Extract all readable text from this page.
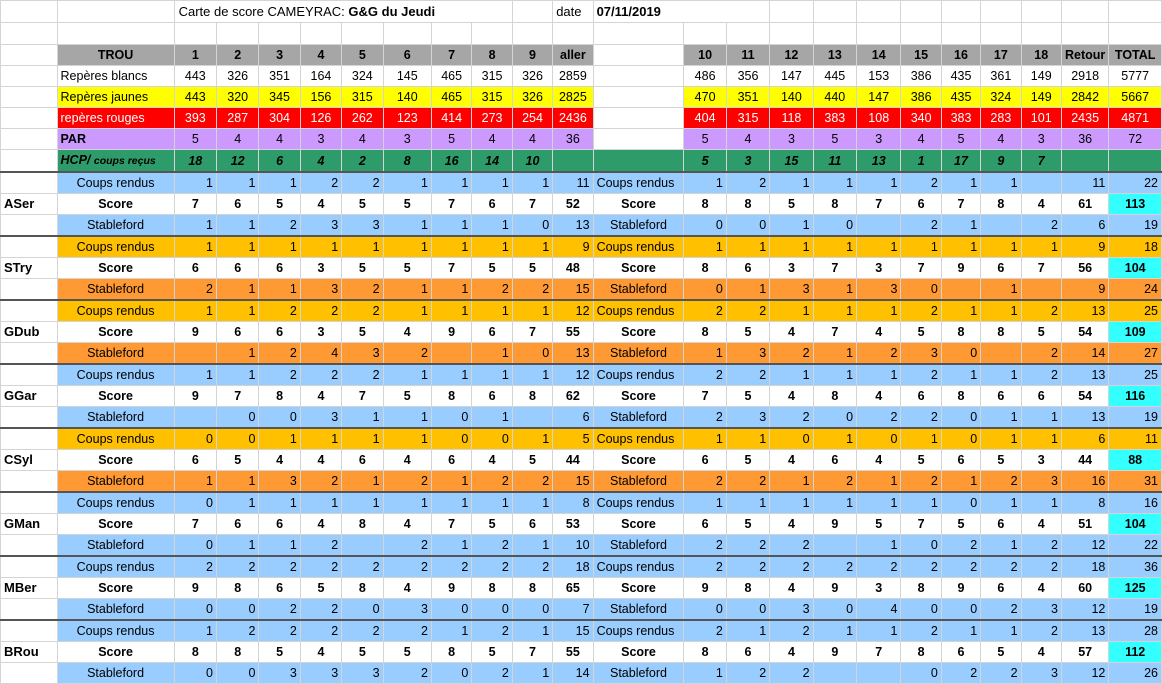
		Carte de score CAMEYRAC: G&G du Jeudi									date	07/11/2019											

	TROU	1	2	3	4	5	6	7	8	9	aller		10	11	12	13	14	15	16	17	18	Retour	TOTAL
	Repères blancs	443	326	351	164	324	145	465	315	326	2859		486	356	147	445	153	386	435	361	149	2918	5777
	Repères jaunes	443	320	345	156	315	140	465	315	326	2825		470	351	140	440	147	386	435	324	149	2842	5667
	repères rouges	393	287	304	126	262	123	414	273	254	2436		404	315	118	383	108	340	383	283	101	2435	4871
	PAR	5	4	4	3	4	3	5	4	4	36		5	4	3	5	3	4	5	4	3	36	72
	HCP/ coups reçus	18	12	6	4	2	8	16	14	10			5	3	15	11	13	1	17	9	7		
	Coups rendus	1	1	1	2	2	1	1	1	1	11	Coups rendus	1	2	1	1	1	2	1	1		11	22
ASer	Score	7	6	5	4	5	5	7	6	7	52	Score	8	8	5	8	7	6	7	8	4	61	113
	Stableford	1	1	2	3	3	1	1	1	0	13	Stableford	0	0	1	0		2	1		2	6	19
	Coups rendus	1	1	1	1	1	1	1	1	1	9	Coups rendus	1	1	1	1	1	1	1	1	1	9	18
STry	Score	6	6	6	3	5	5	7	5	5	48	Score	8	6	3	7	3	7	9	6	7	56	104
	Stableford	2	1	1	3	2	1	1	2	2	15	Stableford	0	1	3	1	3	0		1		9	24
	Coups rendus	1	1	2	2	2	1	1	1	1	12	Coups rendus	2	2	1	1	1	2	1	1	2	13	25
GDub	Score	9	6	6	3	5	4	9	6	7	55	Score	8	5	4	7	4	5	8	8	5	54	109
	Stableford		1	2	4	3	2		1	0	13	Stableford	1	3	2	1	2	3	0		2	14	27
	Coups rendus	1	1	2	2	2	1	1	1	1	12	Coups rendus	2	2	1	1	1	2	1	1	2	13	25
GGar	Score	9	7	8	4	7	5	8	6	8	62	Score	7	5	4	8	4	6	8	6	6	54	116
	Stableford		0	0	3	1	1	0	1		6	Stableford	2	3	2	0	2	2	0	1	1	13	19
	Coups rendus	0	0	1	1	1	1	0	0	1	5	Coups rendus	1	1	0	1	0	1	0	1	1	6	11
CSyl	Score	6	5	4	4	6	4	6	4	5	44	Score	6	5	4	6	4	5	6	5	3	44	88
	Stableford	1	1	3	2	1	2	1	2	2	15	Stableford	2	2	1	2	1	2	1	2	3	16	31
	Coups rendus	0	1	1	1	1	1	1	1	1	8	Coups rendus	1	1	1	1	1	1	0	1	1	8	16
GMan	Score	7	6	6	4	8	4	7	5	6	53	Score	6	5	4	9	5	7	5	6	4	51	104
	Stableford	0	1	1	2		2	1	2	1	10	Stableford	2	2	2		1	0	2	1	2	12	22
	Coups rendus	2	2	2	2	2	2	2	2	2	18	Coups rendus	2	2	2	2	2	2	2	2	2	18	36
MBer	Score	9	8	6	5	8	4	9	8	8	65	Score	9	8	4	9	3	8	9	6	4	60	125
	Stableford	0	0	2	2	0	3	0	0	0	7	Stableford	0	0	3	0	4	0	0	2	3	12	19
	Coups rendus	1	2	2	2	2	2	1	2	1	15	Coups rendus	2	1	2	1	1	2	1	1	2	13	28
BRou	Score	8	8	5	4	5	5	8	5	7	55	Score	8	6	4	9	7	8	6	5	4	57	112
	Stableford	0	0	3	3	3	2	0	2	1	14	Stableford	1	2	2			0	2	2	3	12	26
